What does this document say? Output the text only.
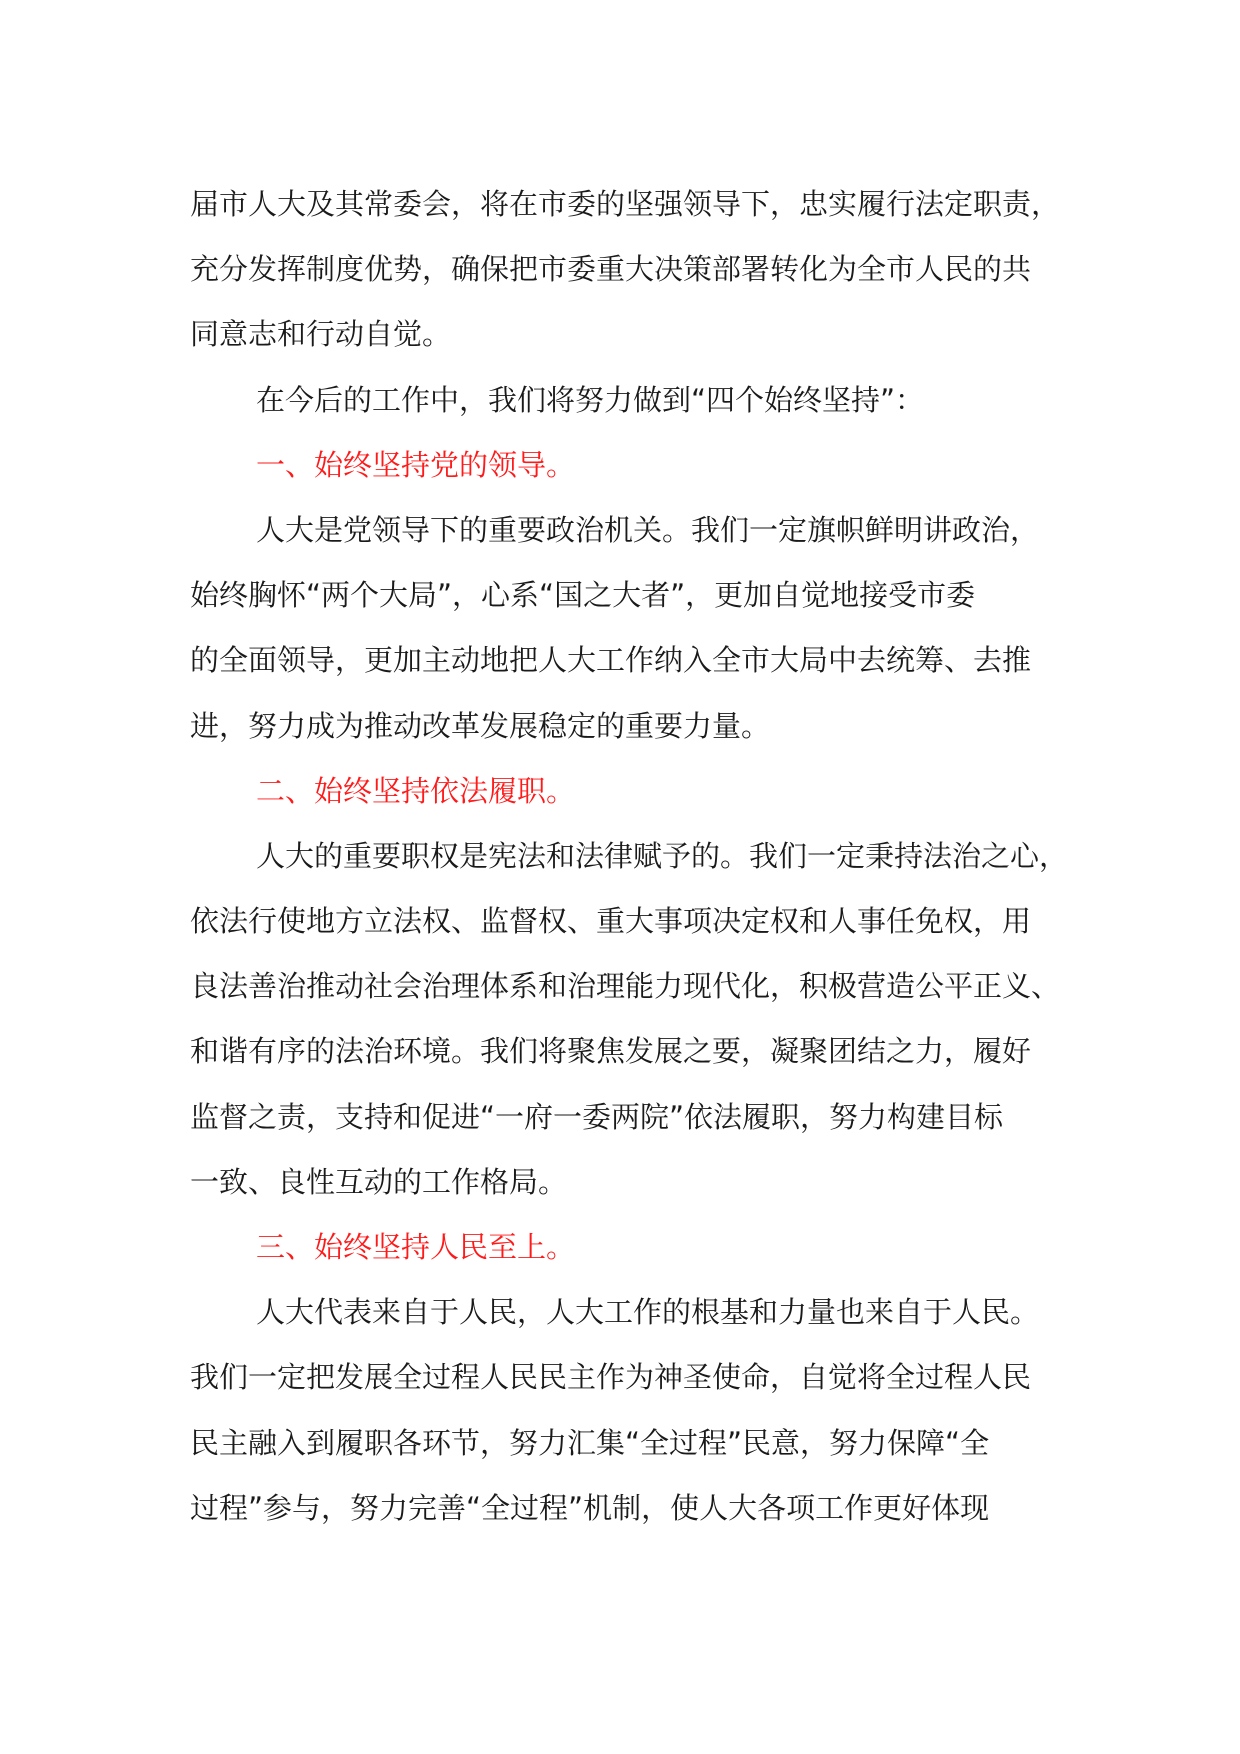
届市人大及其常委会，将在市委的坚强领导下，忠实履行法定职责，
充分发挥制度优势，确保把市委重大决策部署转化为全市人民的共
同意志和行动自觉。
在今后的工作中，我们将努力做到“四个始终坚持”：
一、始终坚持党的领导。
人大是党领导下的重要政治机关。我们一定旗帜鲜明讲政治，
始终胸怀“两个大局”，心系“国之大者”，更加自觉地接受市委
的全面领导，更加主动地把人大工作纳入全市大局中去统筹、去推
进，努力成为推动改革发展稳定的重要力量。
二、始终坚持依法履职。
人大的重要职权是宪法和法律赋予的。我们一定秉持法治之心，
依法行使地方立法权、监督权、重大事项决定权和人事任免权，用
良法善治推动社会治理体系和治理能力现代化，积极营造公平正义、
和谐有序的法治环境。我们将聚焦发展之要，凝聚团结之力，履好
监督之责，支持和促进“一府一委两院”依法履职，努力构建目标
一致、良性互动的工作格局。
三、始终坚持人民至上。
人大代表来自于人民，人大工作的根基和力量也来自于人民。
我们一定把发展全过程人民民主作为神圣使命，自觉将全过程人民
民主融入到履职各环节，努力汇集“全过程”民意，努力保障“全
过程”参与，努力完善“全过程”机制，使人大各项工作更好体现
